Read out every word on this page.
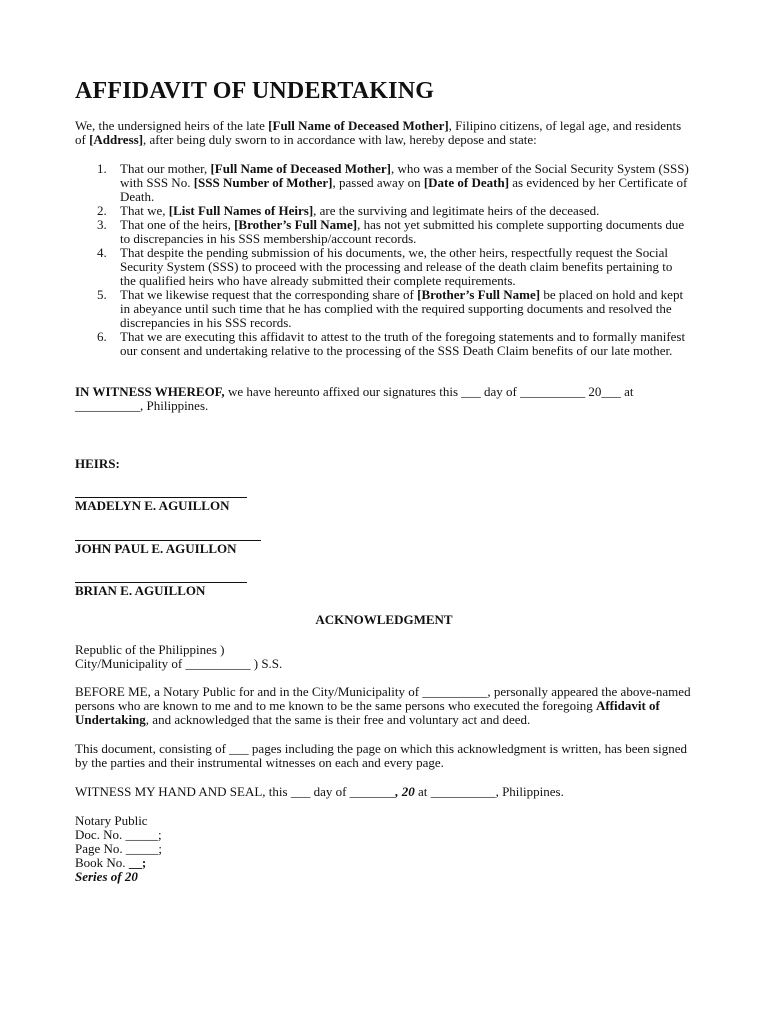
AFFIDAVIT OF UNDERTAKING

We, the undersigned heirs of the late [Full Name of Deceased Mother], Filipino citizens, of legal age, and residents of [Address], after being duly sworn to in accordance with law, hereby depose and state:

1. That our mother, [Full Name of Deceased Mother], who was a member of the Social Security System (SSS) with SSS No. [SSS Number of Mother], passed away on [Date of Death] as evidenced by her Certificate of Death.
2. That we, [List Full Names of Heirs], are the surviving and legitimate heirs of the deceased.
3. That one of the heirs, [Brother’s Full Name], has not yet submitted his complete supporting documents due to discrepancies in his SSS membership/account records.
4. That despite the pending submission of his documents, we, the other heirs, respectfully request the Social Security System (SSS) to proceed with the processing and release of the death claim benefits pertaining to the qualified heirs who have already submitted their complete requirements.
5. That we likewise request that the corresponding share of [Brother’s Full Name] be placed on hold and kept in abeyance until such time that he has complied with the required supporting documents and resolved the discrepancies in his SSS records.
6. That we are executing this affidavit to attest to the truth of the foregoing statements and to formally manifest our consent and undertaking relative to the processing of the SSS Death Claim benefits of our late mother.

IN WITNESS WHEREOF, we have hereunto affixed our signatures this ___ day of __________ 20___ at __________, Philippines.

HEIRS:
MADELYN E. AGUILLON
JOHN PAUL E. AGUILLON
BRIAN E. AGUILLON
ACKNOWLEDGMENT
Republic of the Philippines )
City/Municipality of __________ ) S.S.

BEFORE ME, a Notary Public for and in the City/Municipality of __________, personally appeared the above-named persons who are known to me and to me known to be the same persons who executed the foregoing Affidavit of Undertaking, and acknowledged that the same is their free and voluntary act and deed.

This document, consisting of ___ pages including the page on which this acknowledgment is written, has been signed by the parties and their instrumental witnesses on each and every page.

WITNESS MY HAND AND SEAL, this ___ day of _______, 20 at __________, Philippines.

Notary Public
Doc. No. _____;
Page No. _____;
Book No. __;
Series of 20
